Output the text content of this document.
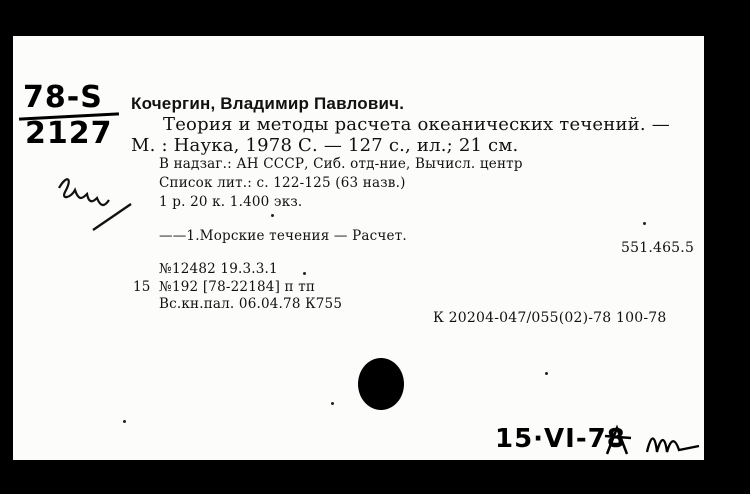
78-S
2127
Кочергин, Владимир Павлович.
Теория и методы расчета океанических течений. —
М. : Наука, 1978 С. — 127 с., ил.; 21 см.
В надзаг.: АН СССР, Сиб. отд-ние, Вычисл. центр
Список лит.: с. 122-125 (63 назв.)
1 р. 20 к. 1.400 экз.
——1.Морские течения — Расчет.
551.465.5
№12482 19.3.3.1
15 №192 [78-22184] п тп
Вс.кн.пал. 06.04.78 К755
К 20204-047/055(02)-78 100-78
15·VI-78
